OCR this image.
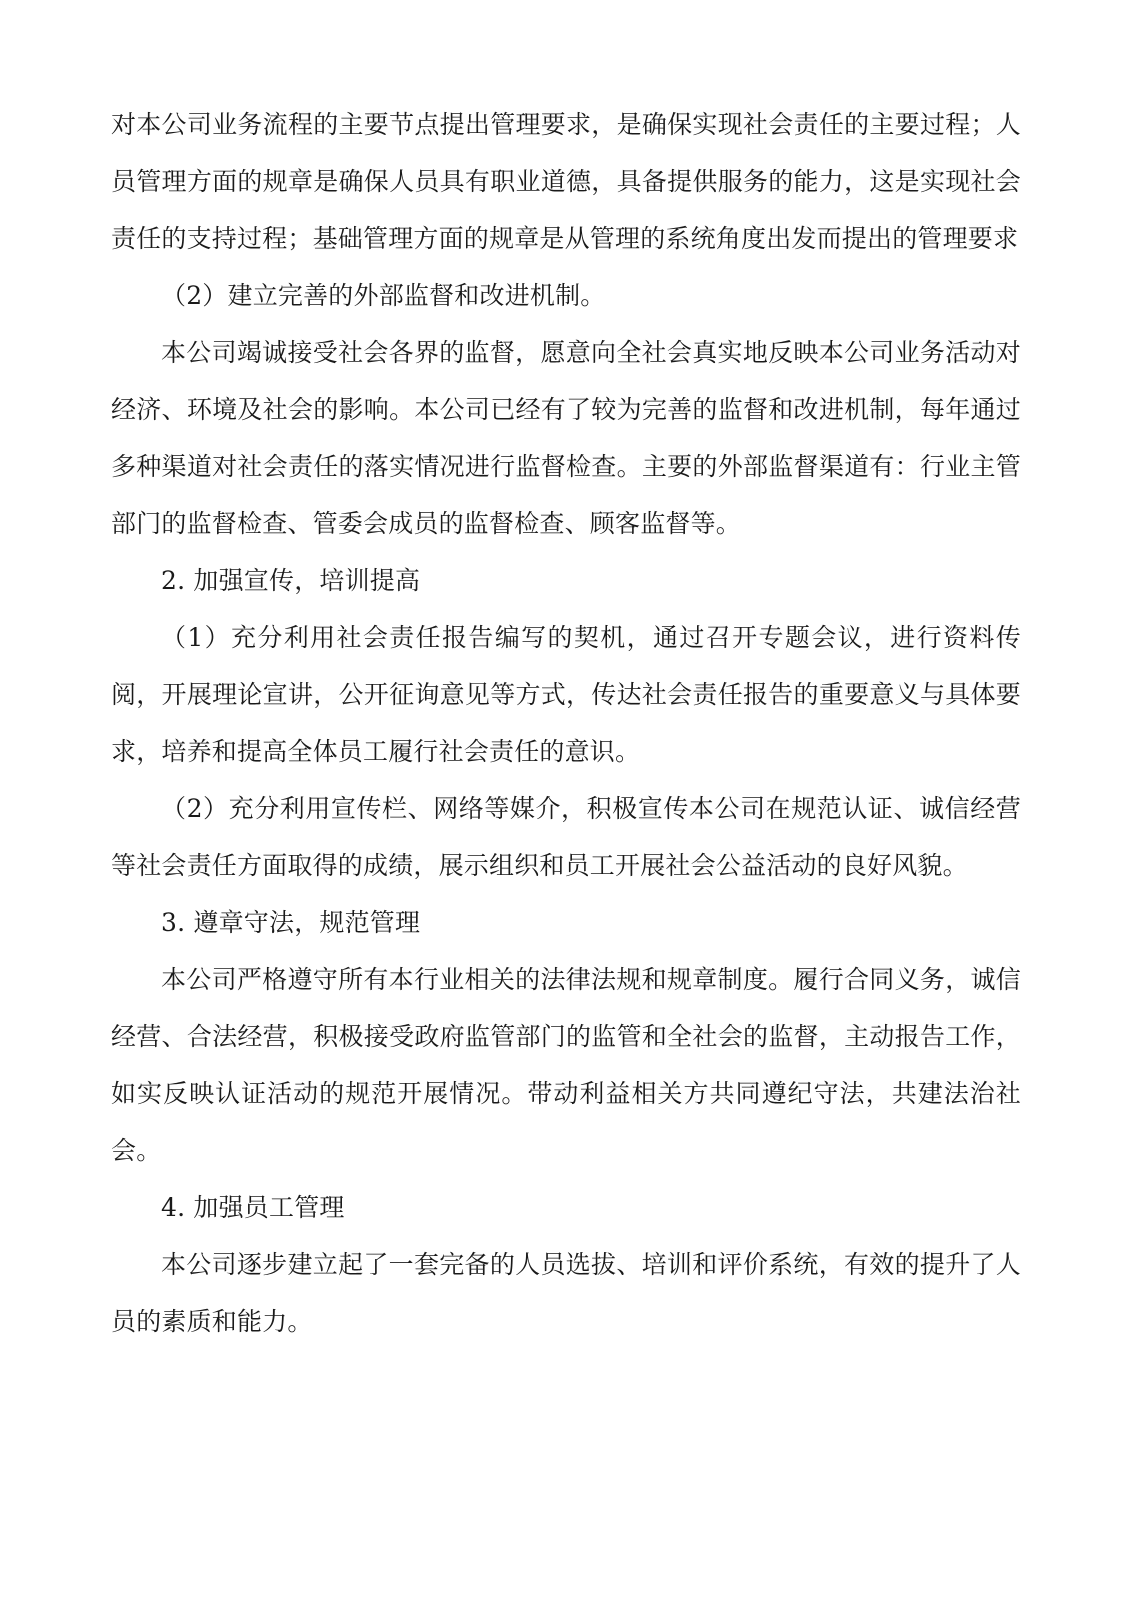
对本公司业务流程的主要节点提出管理要求，是确保实现社会责任的主要过程；人员管理方面的规章是确保人员具有职业道德，具备提供服务的能力，这是实现社会责任的支持过程；基础管理方面的规章是从管理的系统角度出发而提出的管理要求

（2）建立完善的外部监督和改进机制。

本公司竭诚接受社会各界的监督，愿意向全社会真实地反映本公司业务活动对经济、环境及社会的影响。本公司已经有了较为完善的监督和改进机制，每年通过多种渠道对社会责任的落实情况进行监督检查。主要的外部监督渠道有：行业主管部门的监督检查、管委会成员的监督检查、顾客监督等。

2. 加强宣传，培训提高

（1）充分利用社会责任报告编写的契机，通过召开专题会议，进行资料传阅，开展理论宣讲，公开征询意见等方式，传达社会责任报告的重要意义与具体要求，培养和提高全体员工履行社会责任的意识。

（2）充分利用宣传栏、网络等媒介，积极宣传本公司在规范认证、诚信经营等社会责任方面取得的成绩，展示组织和员工开展社会公益活动的良好风貌。

3. 遵章守法，规范管理

本公司严格遵守所有本行业相关的法律法规和规章制度。履行合同义务，诚信经营、合法经营，积极接受政府监管部门的监管和全社会的监督，主动报告工作，如实反映认证活动的规范开展情况。带动利益相关方共同遵纪守法，共建法治社会。

4. 加强员工管理

本公司逐步建立起了一套完备的人员选拔、培训和评价系统，有效的提升了人员的素质和能力。
